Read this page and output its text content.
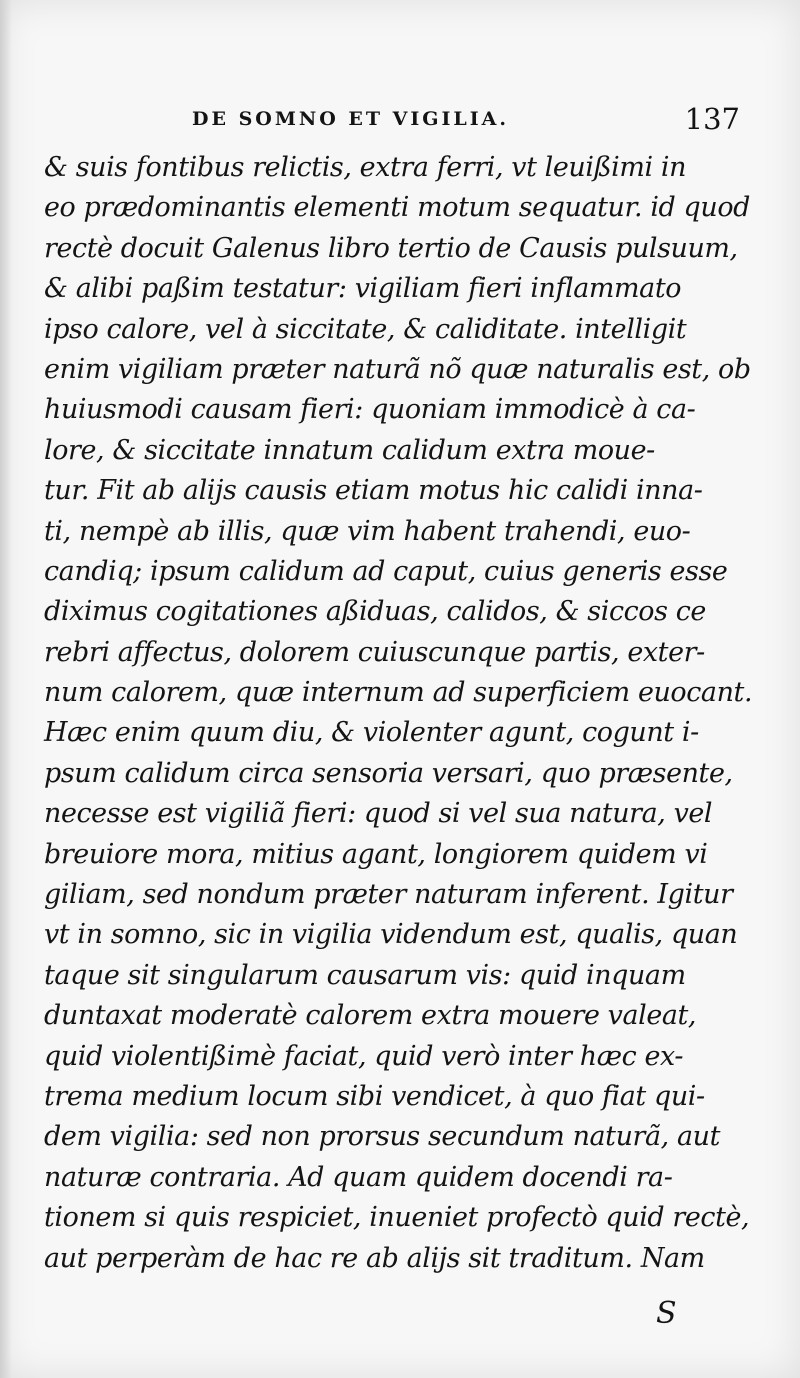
DE SOMNO ET VIGILIA.	137
& suis fontibus relictis, extra ferri, vt leuißimi in
eo prædominantis elementi motum sequatur. id quod
rectè docuit Galenus libro tertio de Causis pulsuum,
& alibi paßim testatur: vigiliam fieri inflammato
ipso calore, vel à siccitate, & caliditate. intelligit
enim vigiliam præter naturã nõ quæ naturalis est, ob
huiusmodi causam fieri: quoniam immodicè à ca-
lore, & siccitate innatum calidum extra moue-
tur. Fit ab alijs causis etiam motus hic calidi inna-
ti, nempè ab illis, quæ vim habent trahendi, euo-
candiq; ipsum calidum ad caput, cuius generis esse
diximus cogitationes aßiduas, calidos, & siccos ce
rebri affectus, dolorem cuiuscunque partis, exter-
num calorem, quæ internum ad superficiem euocant.
Hæc enim quum diu, & violenter agunt, cogunt i-
psum calidum circa sensoria versari, quo præsente,
necesse est vigiliã fieri: quod si vel sua natura, vel
breuiore mora, mitius agant, longiorem quidem vi
giliam, sed nondum præter naturam inferent. Igitur
vt in somno, sic in vigilia videndum est, qualis, quan
taque sit singularum causarum vis: quid inquam
duntaxat moderatè calorem extra mouere valeat,
quid violentißimè faciat, quid verò inter hæc ex-
trema medium locum sibi vendicet, à quo fiat qui-
dem vigilia: sed non prorsus secundum naturã, aut
naturæ contraria. Ad quam quidem docendi ra-
tionem si quis respiciet, inueniet profectò quid rectè,
aut perperàm de hac re ab alijs sit traditum. Nam
S
